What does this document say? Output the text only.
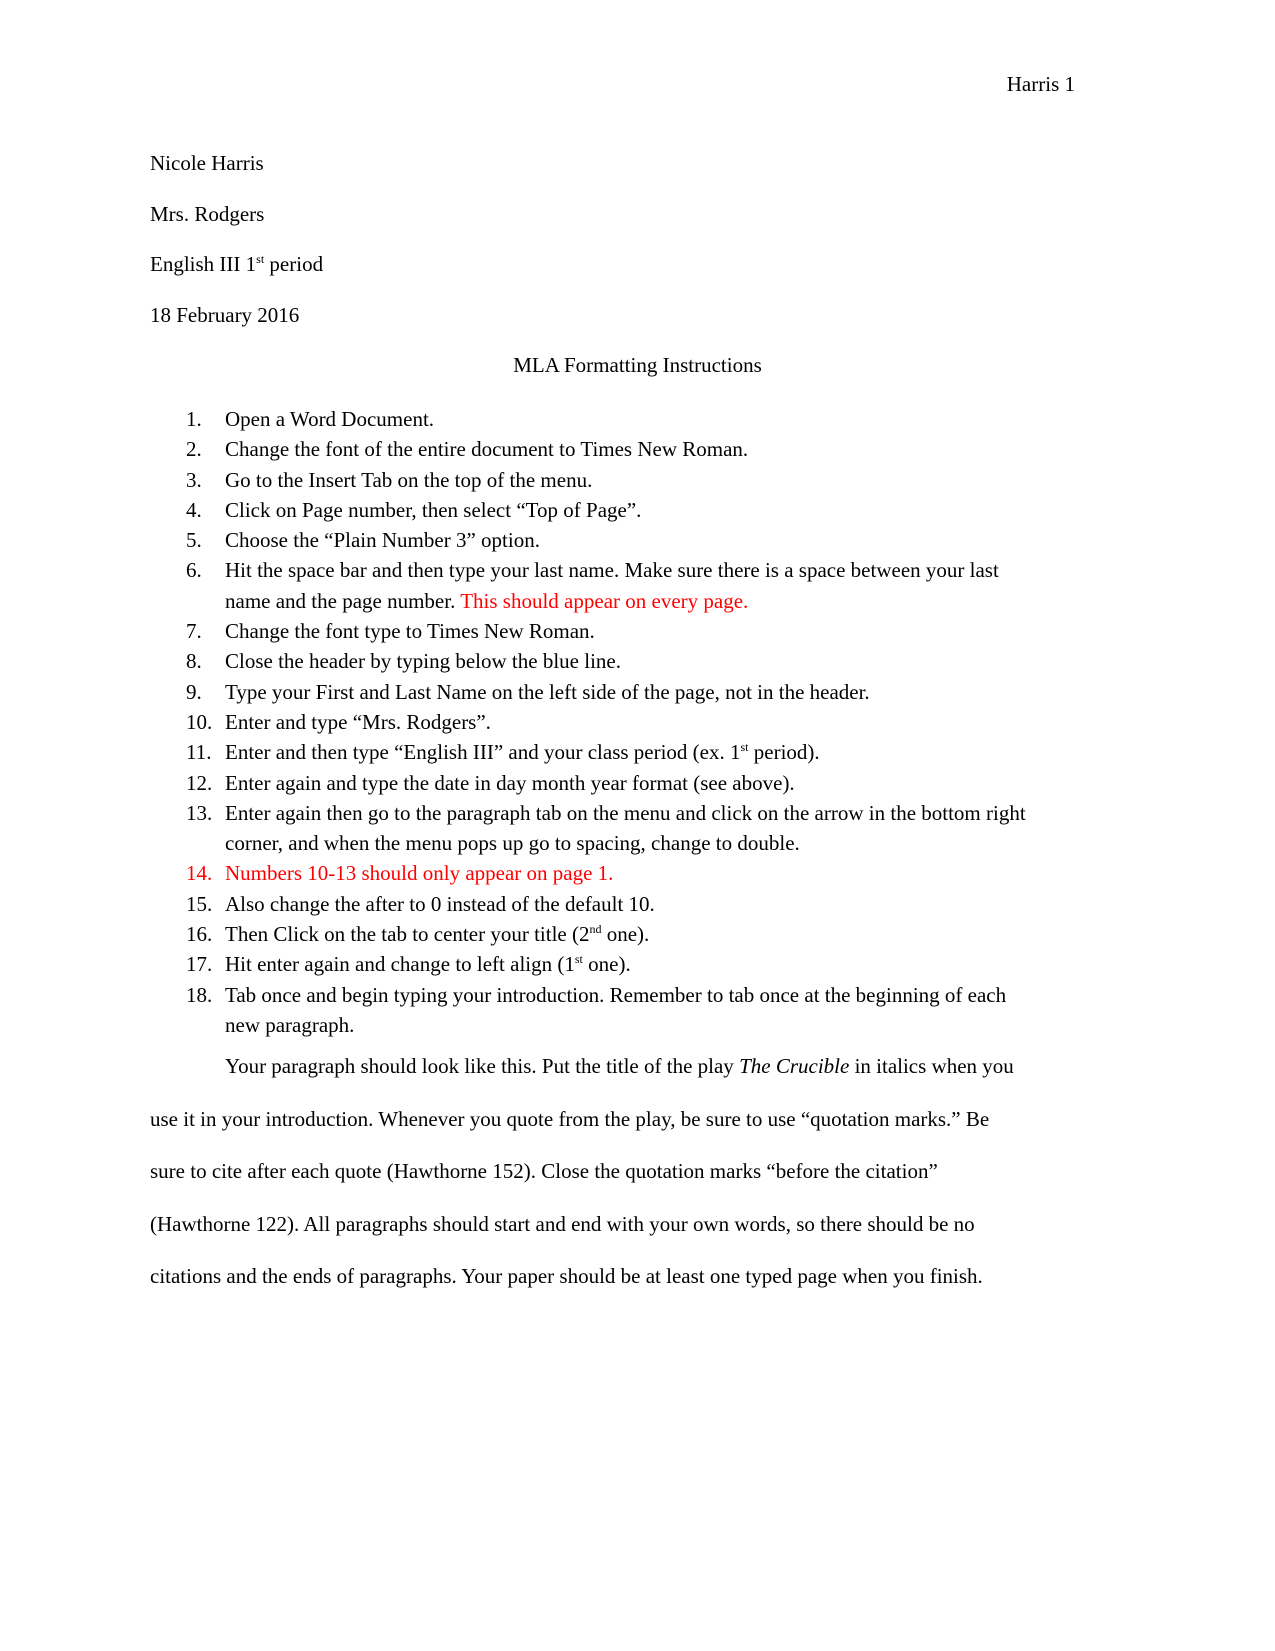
Harris 1
Nicole Harris
Mrs. Rodgers
English III 1st period
18 February 2016
MLA Formatting Instructions
1. Open a Word Document.
2. Change the font of the entire document to Times New Roman.
3. Go to the Insert Tab on the top of the menu.
4. Click on Page number, then select “Top of Page”.
5. Choose the “Plain Number 3” option.
6. Hit the space bar and then type your last name. Make sure there is a space between your last
name and the page number. This should appear on every page.
7. Change the font type to Times New Roman.
8. Close the header by typing below the blue line.
9. Type your First and Last Name on the left side of the page, not in the header.
10. Enter and type “Mrs. Rodgers”.
11. Enter and then type “English III” and your class period (ex. 1st period).
12. Enter again and type the date in day month year format (see above).
13. Enter again then go to the paragraph tab on the menu and click on the arrow in the bottom right
corner, and when the menu pops up go to spacing, change to double.
14. Numbers 10-13 should only appear on page 1.
15. Also change the after to 0 instead of the default 10.
16. Then Click on the tab to center your title (2nd one).
17. Hit enter again and change to left align (1st one).
18. Tab once and begin typing your introduction. Remember to tab once at the beginning of each
new paragraph.
Your paragraph should look like this. Put the title of the play The Crucible in italics when you
use it in your introduction. Whenever you quote from the play, be sure to use “quotation marks.” Be
sure to cite after each quote (Hawthorne 152). Close the quotation marks “before the citation”
(Hawthorne 122). All paragraphs should start and end with your own words, so there should be no
citations and the ends of paragraphs. Your paper should be at least one typed page when you finish.
